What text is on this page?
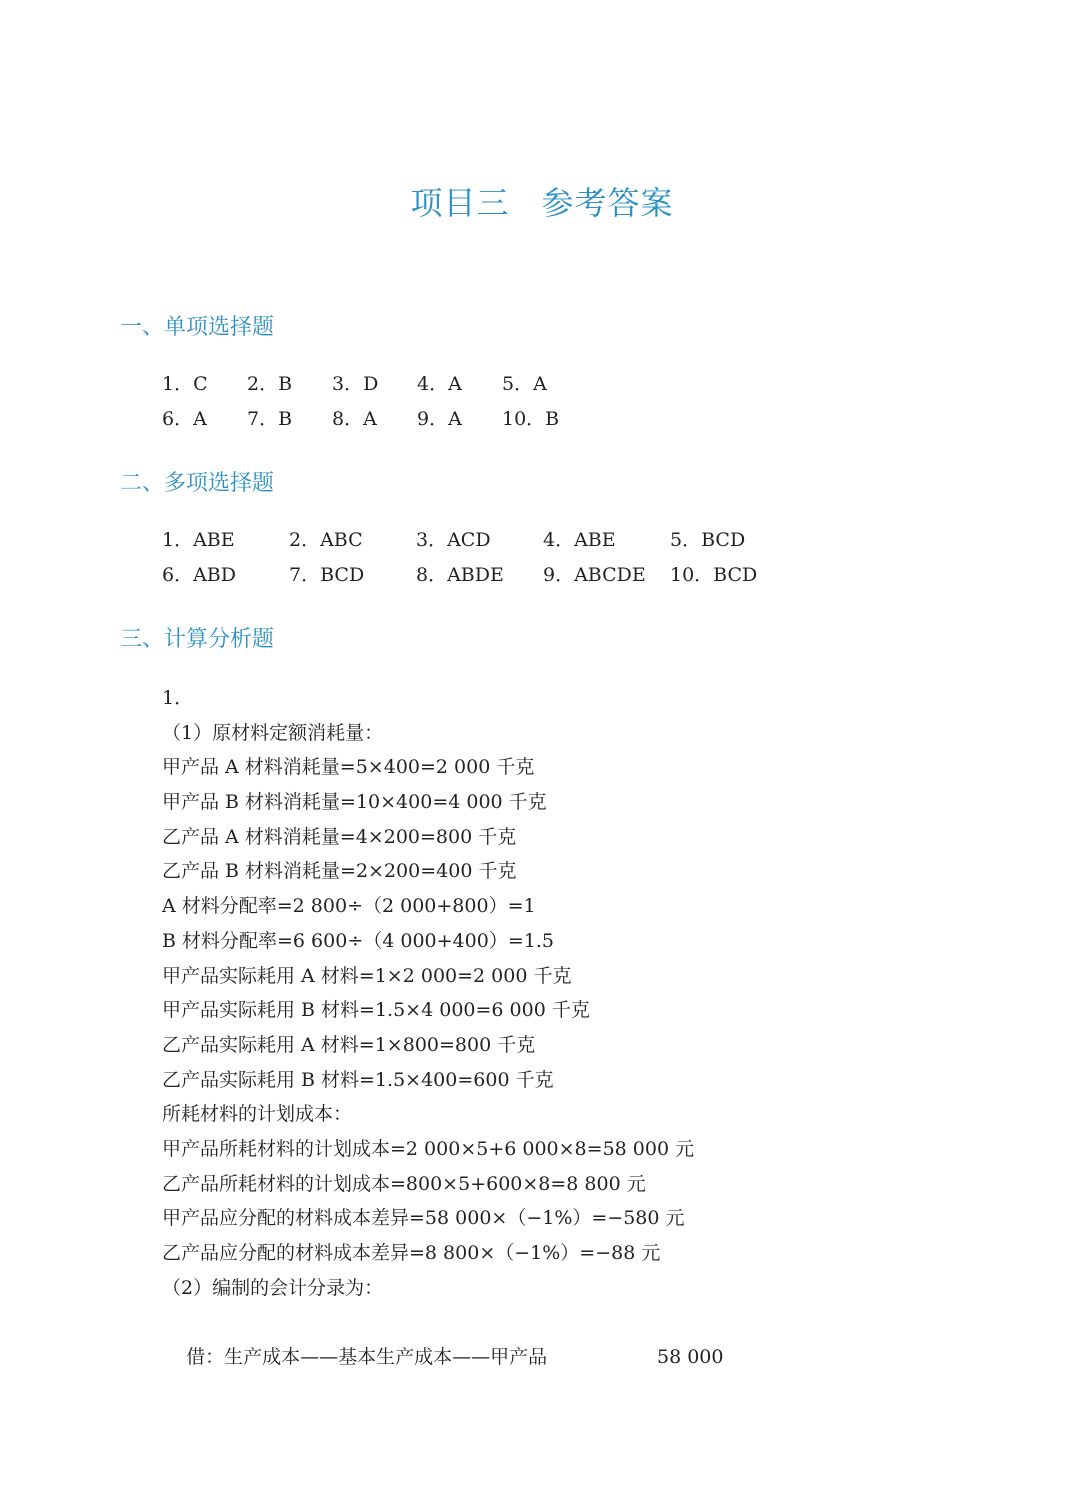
项目三 参考答案
一、单项选择题
1．C 2．B 3．D 4．A 5．A
6．A 7．B 8．A 9．A 10．B
二、多项选择题
1．ABE	2．ABC	3．ACD	4．ABE	5．BCD
6．ABD	7．BCD	8．ABDE 9．ABCDE 10．BCD
三、计算分析题
1．
（1）原材料定额消耗量：
甲产品 A 材料消耗量=5×400=2 000 千克
甲产品 B 材料消耗量=10×400=4 000 千克
乙产品 A 材料消耗量=4×200=800 千克
乙产品 B 材料消耗量=2×200=400 千克
A 材料分配率=2 800÷（2 000+800）=1
B 材料分配率=6 600÷（4 000+400）=1.5
甲产品实际耗用 A 材料=1×2 000=2 000 千克
甲产品实际耗用 B 材料=1.5×4 000=6 000 千克
乙产品实际耗用 A 材料=1×800=800 千克
乙产品实际耗用 B 材料=1.5×400=600 千克
所耗材料的计划成本：
甲产品所耗材料的计划成本=2 000×5+6 000×8=58 000 元
乙产品所耗材料的计划成本=800×5+600×8=8 800 元
甲产品应分配的材料成本差异=58 000×（−1%）=−580 元
乙产品应分配的材料成本差异=8 800×（−1%）=−88 元
（2）编制的会计分录为：

借：生产成本——基本生产成本——甲产品	58 000
